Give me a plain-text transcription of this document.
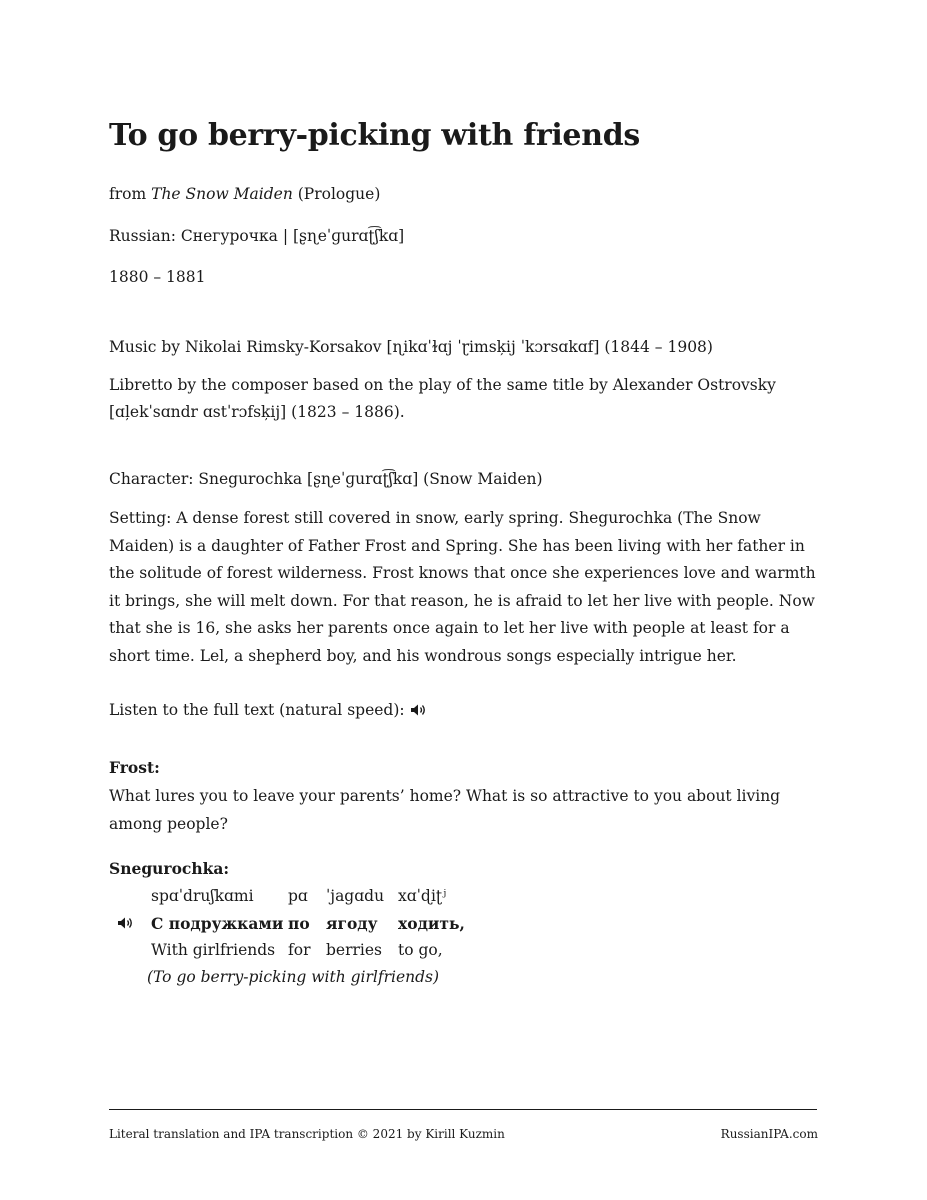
To go berry-picking with friends
from The Snow Maiden (Prologue)
Russian: Снегурочка | [ʂɳeˈɡurɑʈ͡ʃkɑ]
1880 – 1881
Music by Nikolai Rimsky-Korsakov [ɳikɑˈɫɑj ˈɽimsķij ˈkɔrsɑkɑf] (1844 – 1908)
Libretto by the composer based on the play of the same title by Alexander Ostrovsky
[ɑļekˈsɑndr ɑstˈrɔfsķij] (1823 – 1886).
Character: Snegurochka [ʂɳeˈɡurɑʈ͡ʃkɑ] (Snow Maiden)
Setting: A dense forest still covered in snow, early spring. Shegurochka (The Snow Maiden) is a daughter of Father Frost and Spring. She has been living with her father in the solitude of forest wilderness. Frost knows that once she experiences love and warmth it brings, she will melt down. For that reason, he is afraid to let her live with people. Now that she is 16, she asks her parents once again to let her live with people at least for a short time. Lel, a shepherd boy, and his wondrous songs especially intrigue her.
Listen to the full text (natural speed):
Frost:
What lures you to leave your parents’ home? What is so attractive to you about living among people?
Snegurochka:
spɑˈdruʃkɑmi pɑ ˈjagɑdu xɑˈɖiʈʲ
С подружками по ягоду ходить,
With girlfriends for berries to go,
(To go berry-picking with girlfriends)
Literal translation and IPA transcription © 2021 by Kirill Kuzmin	RussianIPA.com
